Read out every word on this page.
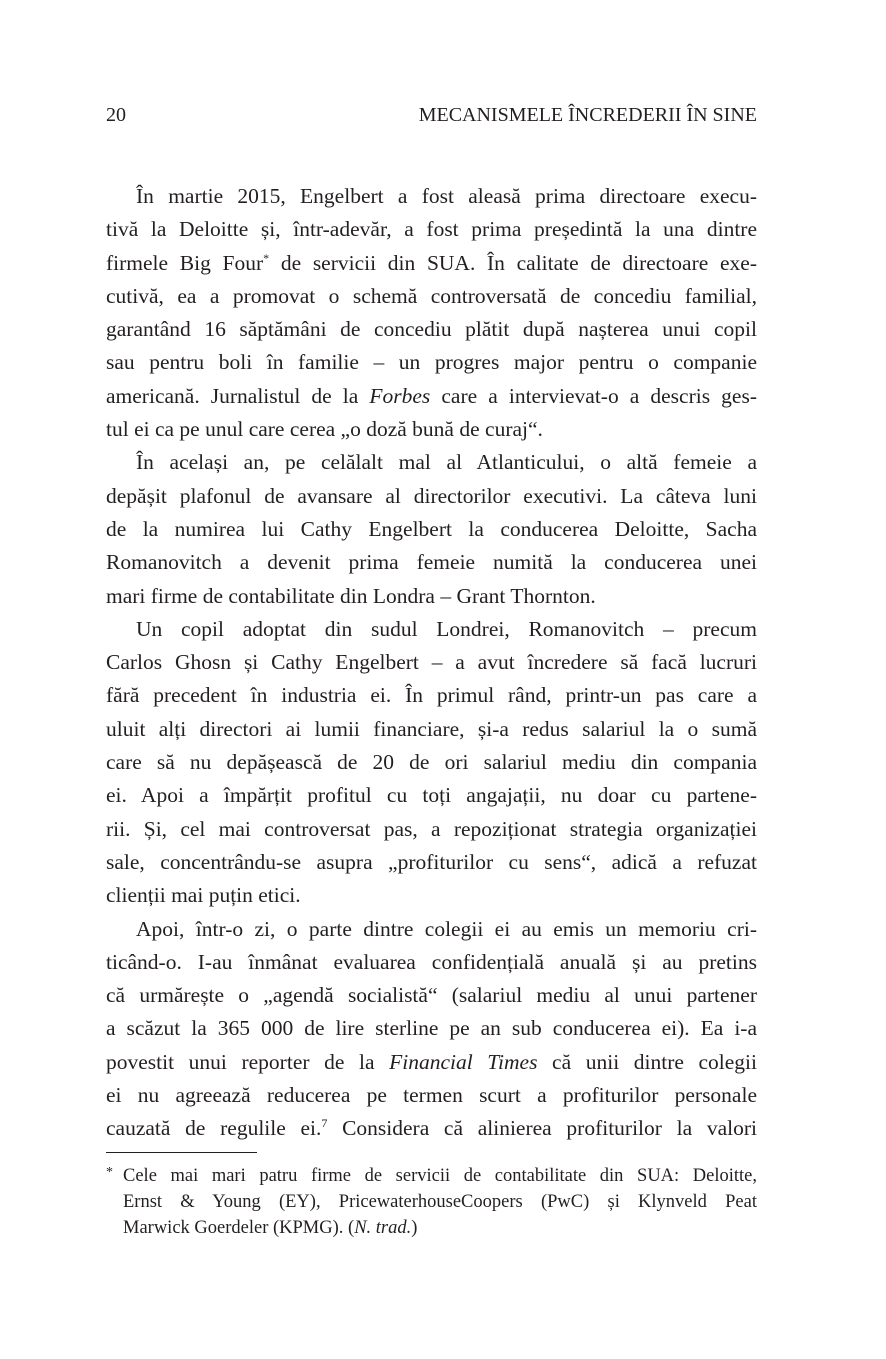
20	MECANISMELE ÎNCREDERII ÎN SINE
În martie 2015, Engelbert a fost aleasă prima directoare execu-
tivă la Deloitte și, într-adevăr, a fost prima președintă la una dintre
firmele Big Four* de servicii din SUA. În calitate de directoare exe-
cutivă, ea a promovat o schemă controversată de concediu familial,
garantând 16 săptămâni de concediu plătit după nașterea unui copil
sau pentru boli în familie – un progres major pentru o companie
americană. Jurnalistul de la Forbes care a intervievat-o a descris ges-
tul ei ca pe unul care cerea „o doză bună de curaj“.
În același an, pe celălalt mal al Atlanticului, o altă femeie a
depășit plafonul de avansare al directorilor executivi. La câteva luni
de la numirea lui Cathy Engelbert la conducerea Deloitte, Sacha
Romanovitch a devenit prima femeie numită la conducerea unei
mari firme de contabilitate din Londra – Grant Thornton.
Un copil adoptat din sudul Londrei, Romanovitch – precum
Carlos Ghosn și Cathy Engelbert – a avut încredere să facă lucruri
fără precedent în industria ei. În primul rând, printr-un pas care a
uluit alți directori ai lumii financiare, și-a redus salariul la o sumă
care să nu depășească de 20 de ori salariul mediu din compania
ei. Apoi a împărțit profitul cu toți angajații, nu doar cu partene-
rii. Și, cel mai controversat pas, a repoziționat strategia organizației
sale, concentrându-se asupra „profiturilor cu sens“, adică a refuzat
clienții mai puțin etici.
Apoi, într-o zi, o parte dintre colegii ei au emis un memoriu cri-
ticând-o. I-au înmânat evaluarea confidențială anuală și au pretins
că urmărește o „agendă socialistă“ (salariul mediu al unui partener
a scăzut la 365 000 de lire sterline pe an sub conducerea ei). Ea i-a
povestit unui reporter de la Financial Times că unii dintre colegii
ei nu agreează reducerea pe termen scurt a profiturilor personale
cauzată de regulile ei.$^7$ Considera că alinierea profiturilor la valori
* Cele mai mari patru firme de servicii de contabilitate din SUA: Deloitte,
Ernst & Young (EY), PricewaterhouseCoopers (PwC) și Klynveld Peat
Marwick Goerdeler (KPMG). (N. trad.)
